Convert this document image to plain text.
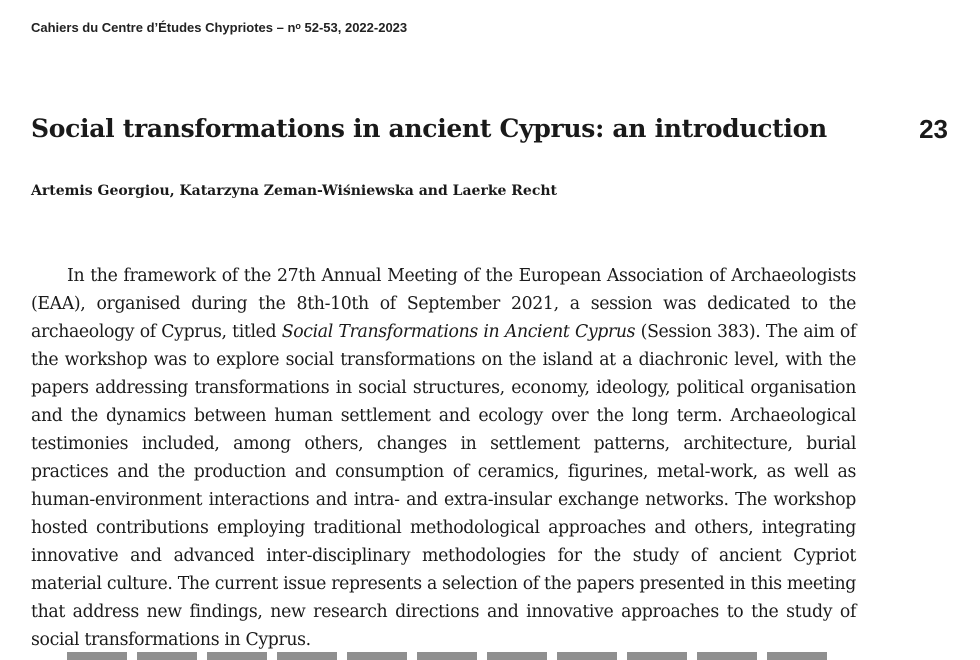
Cahiers du Centre d’Études Chypriotes – $n^o$ 52-53, 2022-2023
Social transformations in ancient Cyprus: an introduction	23
Artemis Georgiou, Katarzyna Zeman-Wiśniewska and Laerke Recht

In the framework of the 27th Annual Meeting of the European Association of Archaeologists (EAA), organised during the 8th-10th of September 2021, a session was dedicated to the archaeology of Cyprus, titled Social Transformations in Ancient Cyprus (Session 383). The aim of the workshop was to explore social transformations on the island at a diachronic level, with the papers addressing transformations in social structures, economy, ideology, political organisation and the dynamics between human settlement and ecology over the long term. Archaeological testimonies included, among others, changes in settlement patterns, architecture, burial practices and the production and consumption of ceramics, figurines, metal-work, as well as human-environment interactions and intra- and extra-insular exchange networks. The workshop hosted contributions employing traditional methodological approaches and others, integrating innovative and advanced inter-disciplinary methodologies for the study of ancient Cypriot material culture. The current issue represents a selection of the papers presented in this meeting that address new findings, new research directions and innovative approaches to the study of social transformations in Cyprus.
